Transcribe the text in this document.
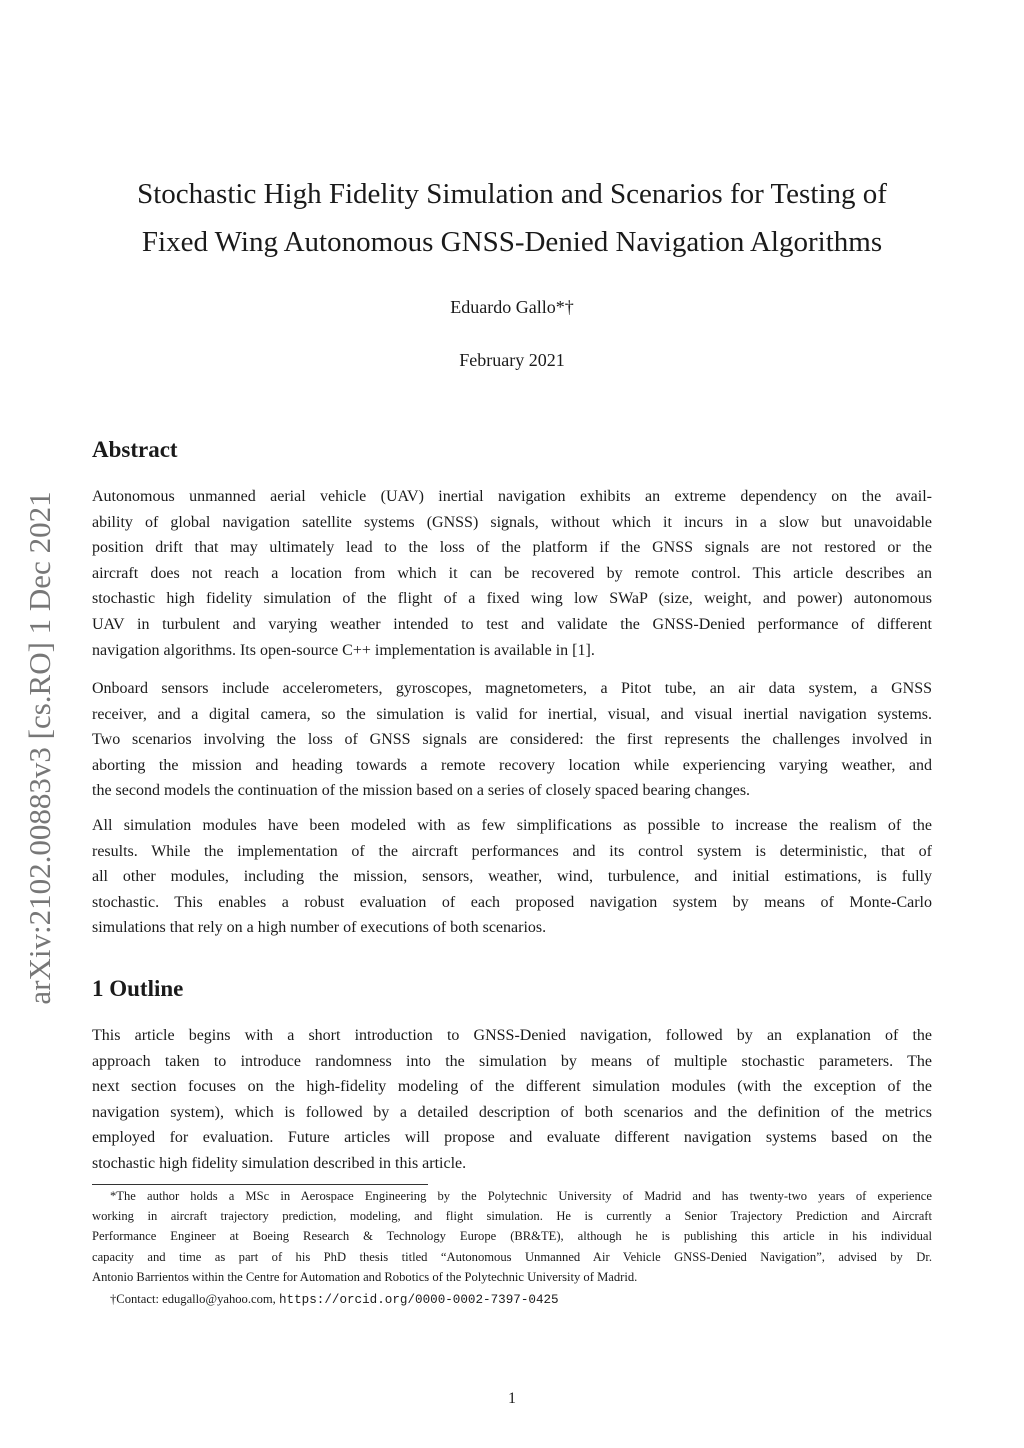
arXiv:2102.00883v3 [cs.RO] 1 Dec 2021
Stochastic High Fidelity Simulation and Scenarios for Testing of
Fixed Wing Autonomous GNSS-Denied Navigation Algorithms
Eduardo Gallo*†
February 2021
Abstract
Autonomous unmanned aerial vehicle (UAV) inertial navigation exhibits an extreme dependency on the avail-
ability of global navigation satellite systems (GNSS) signals, without which it incurs in a slow but unavoidable
position drift that may ultimately lead to the loss of the platform if the GNSS signals are not restored or the
aircraft does not reach a location from which it can be recovered by remote control. This article describes an
stochastic high fidelity simulation of the flight of a fixed wing low SWaP (size, weight, and power) autonomous
UAV in turbulent and varying weather intended to test and validate the GNSS-Denied performance of different
navigation algorithms. Its open-source C++ implementation is available in [1].
Onboard sensors include accelerometers, gyroscopes, magnetometers, a Pitot tube, an air data system, a GNSS
receiver, and a digital camera, so the simulation is valid for inertial, visual, and visual inertial navigation systems.
Two scenarios involving the loss of GNSS signals are considered: the first represents the challenges involved in
aborting the mission and heading towards a remote recovery location while experiencing varying weather, and
the second models the continuation of the mission based on a series of closely spaced bearing changes.
All simulation modules have been modeled with as few simplifications as possible to increase the realism of the
results. While the implementation of the aircraft performances and its control system is deterministic, that of
all other modules, including the mission, sensors, weather, wind, turbulence, and initial estimations, is fully
stochastic. This enables a robust evaluation of each proposed navigation system by means of Monte-Carlo
simulations that rely on a high number of executions of both scenarios.
1 Outline
This article begins with a short introduction to GNSS-Denied navigation, followed by an explanation of the
approach taken to introduce randomness into the simulation by means of multiple stochastic parameters. The
next section focuses on the high-fidelity modeling of the different simulation modules (with the exception of the
navigation system), which is followed by a detailed description of both scenarios and the definition of the metrics
employed for evaluation. Future articles will propose and evaluate different navigation systems based on the
stochastic high fidelity simulation described in this article.
*The author holds a MSc in Aerospace Engineering by the Polytechnic University of Madrid and has twenty-two years of experience
working in aircraft trajectory prediction, modeling, and flight simulation. He is currently a Senior Trajectory Prediction and Aircraft
Performance Engineer at Boeing Research & Technology Europe (BR&TE), although he is publishing this article in his individual
capacity and time as part of his PhD thesis titled “Autonomous Unmanned Air Vehicle GNSS-Denied Navigation”, advised by Dr.
Antonio Barrientos within the Centre for Automation and Robotics of the Polytechnic University of Madrid.
†Contact: edugallo@yahoo.com, https://orcid.org/0000-0002-7397-0425
1
